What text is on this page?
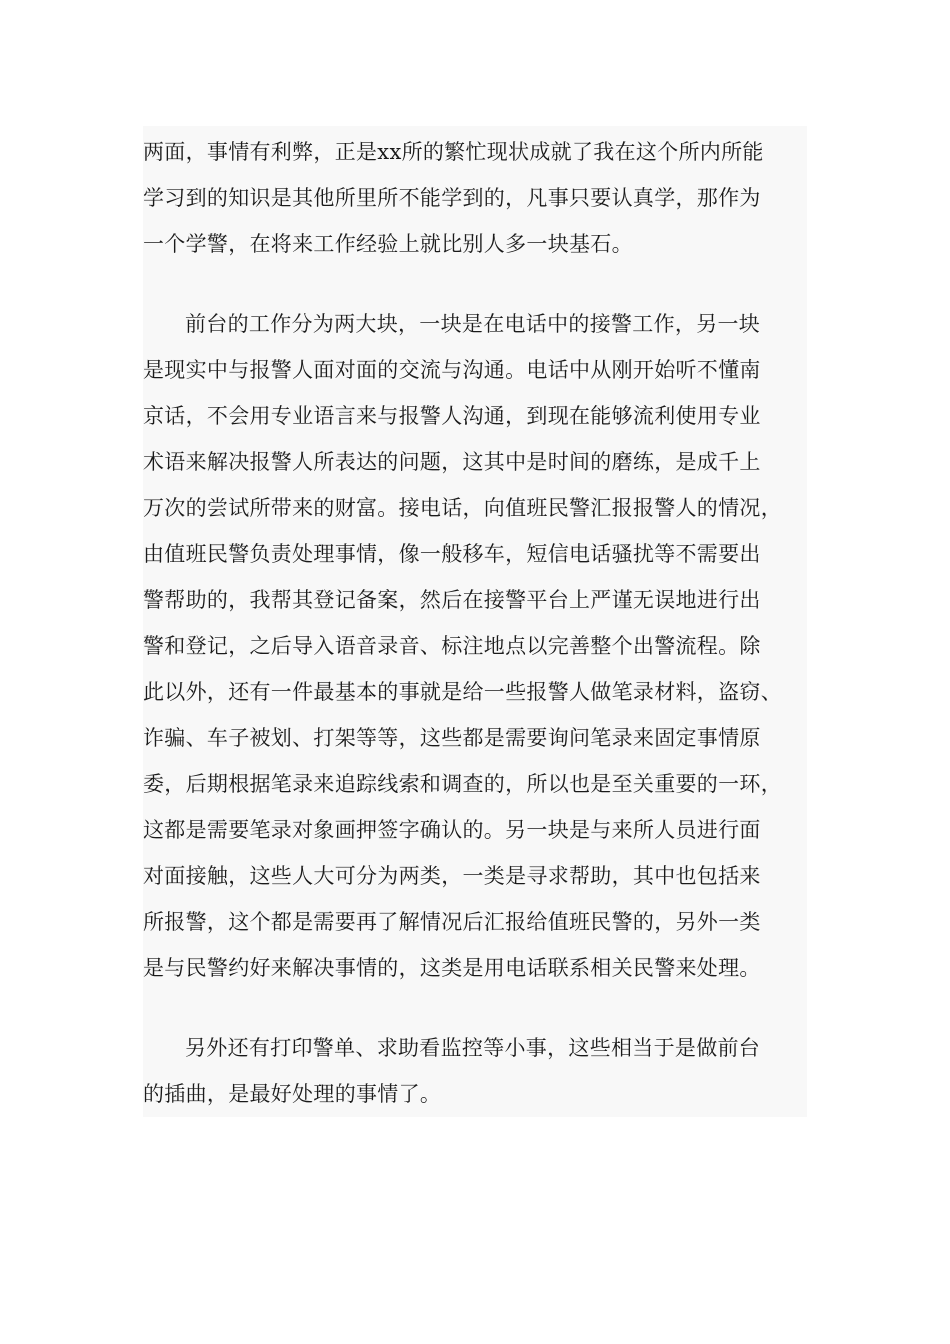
两面，事情有利弊，正是xx所的繁忙现状成就了我在这个所内所能
学习到的知识是其他所里所不能学到的，凡事只要认真学，那作为
一个学警，在将来工作经验上就比别人多一块基石。
前台的工作分为两大块，一块是在电话中的接警工作，另一块
是现实中与报警人面对面的交流与沟通。电话中从刚开始听不懂南
京话，不会用专业语言来与报警人沟通，到现在能够流利使用专业
术语来解决报警人所表达的问题，这其中是时间的磨练，是成千上
万次的尝试所带来的财富。接电话，向值班民警汇报报警人的情况，
由值班民警负责处理事情，像一般移车，短信电话骚扰等不需要出
警帮助的，我帮其登记备案，然后在接警平台上严谨无误地进行出
警和登记，之后导入语音录音、标注地点以完善整个出警流程。除
此以外，还有一件最基本的事就是给一些报警人做笔录材料，盗窃、
诈骗、车子被划、打架等等，这些都是需要询问笔录来固定事情原
委，后期根据笔录来追踪线索和调查的，所以也是至关重要的一环，
这都是需要笔录对象画押签字确认的。另一块是与来所人员进行面
对面接触，这些人大可分为两类，一类是寻求帮助，其中也包括来
所报警，这个都是需要再了解情况后汇报给值班民警的，另外一类
是与民警约好来解决事情的，这类是用电话联系相关民警来处理。
另外还有打印警单、求助看监控等小事，这些相当于是做前台
的插曲，是最好处理的事情了。
